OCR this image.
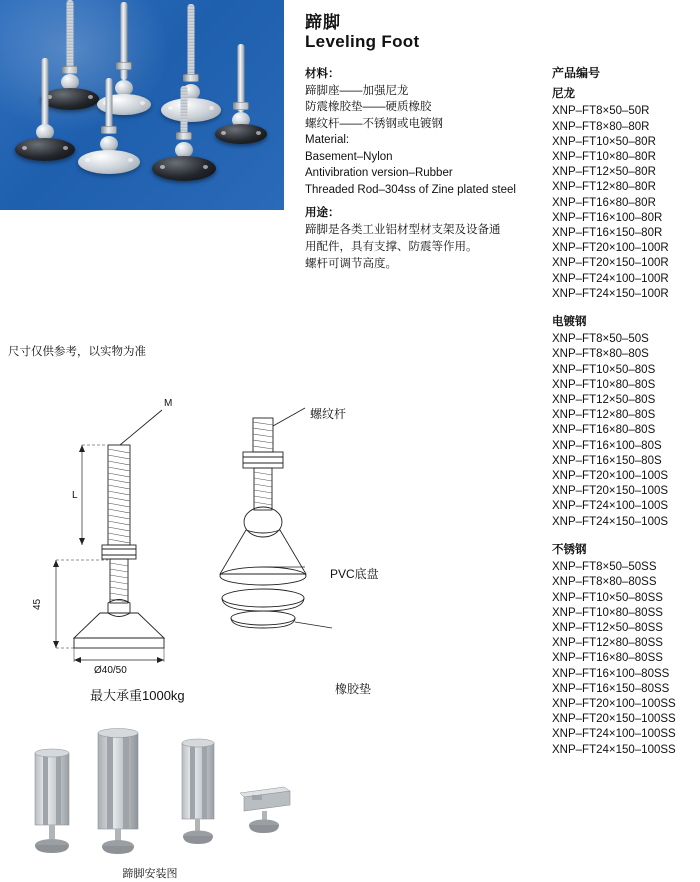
蹄脚
Leveling Foot
材料：
蹄脚座——加强尼龙
防震橡胶垫——硬质橡胶
螺纹杆——不锈钢或电镀钢
Material:
Basement–Nylon
Antivibration version–Rubber
Threaded Rod–304ss of Zine plated steel
用途：
蹄脚是各类工业铝材型材支架及设备通
用配件，具有支撑、防震等作用。
螺杆可调节高度。
尺寸仅供参考，以实物为准
产品编号
尼龙
XNP–FT8×50–50R
XNP–FT8×80–80R
XNP–FT10×50–80R
XNP–FT10×80–80R
XNP–FT12×50–80R
XNP–FT12×80–80R
XNP–FT16×80–80R
XNP–FT16×100–80R
XNP–FT16×150–80R
XNP–FT20×100–100R
XNP–FT20×150–100R
XNP–FT24×100–100R
XNP–FT24×150–100R
电镀钢
XNP–FT8×50–50S
XNP–FT8×80–80S
XNP–FT10×50–80S
XNP–FT10×80–80S
XNP–FT12×50–80S
XNP–FT12×80–80S
XNP–FT16×80–80S
XNP–FT16×100–80S
XNP–FT16×150–80S
XNP–FT20×100–100S
XNP–FT20×150–100S
XNP–FT24×100–100S
XNP–FT24×150–100S
不锈钢
XNP–FT8×50–50SS
XNP–FT8×80–80SS
XNP–FT10×50–80SS
XNP–FT10×80–80SS
XNP–FT12×50–80SS
XNP–FT12×80–80SS
XNP–FT16×80–80SS
XNP–FT16×100–80SS
XNP–FT16×150–80SS
XNP–FT20×100–100SS
XNP–FT20×150–100SS
XNP–FT24×100–100SS
XNP–FT24×150–100SS
M
L
45
Ø40/50
螺纹杆
PVC底盘
橡胶垫
最大承重1000kg
蹄脚安装图
